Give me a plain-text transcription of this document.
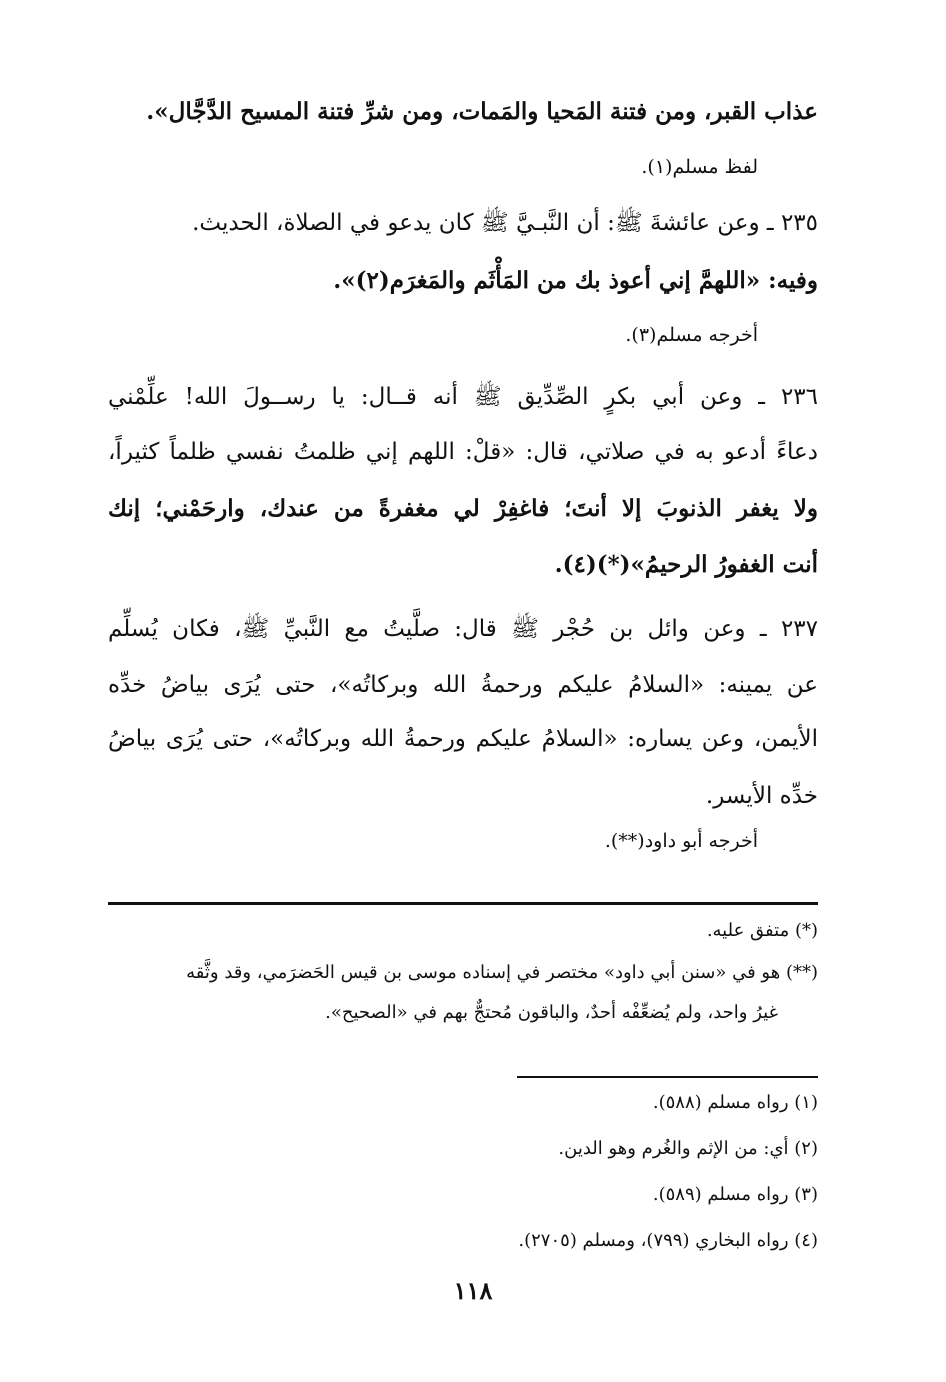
عذاب القبر، ومن فتنة المَحيا والمَمات، ومن شرِّ فتنة المسيح الدَّجَّال».
لفظ مسلم(١).
٢٣٥ ـ وعن عائشةَ ﷺ: أن النَّبـيَّ ﷺ كان يدعو في الصلاة، الحديث.
وفيه: «اللهمَّ إني أعوذ بك من المَأْثَم والمَغرَم(٢)».
أخرجه مسلم(٣).
٢٣٦ ـ وعن أبي بكرٍ الصِّدِّيق ﷺ أنه قــال: يا رســولَ الله! علِّمْني
دعاءً أدعو به في صلاتي، قال: «قلْ: اللهم إني ظلمتُ نفسي ظلماً كثيراً،
ولا يغفر الذنوبَ إلا أنتَ؛ فاغفِرْ لي مغفرةً من عندك، وارحَمْني؛ إنك
أنت الغفورُ الرحيمُ»(*)(٤).
٢٣٧ ـ وعن وائل بن حُجْر ﷺ قال: صلَّيتُ مع النَّبيِّ ﷺ، فكان يُسلِّم
عن يمينه: «السلامُ عليكم ورحمةُ الله وبركاتُه»، حتى يُرَى بياضُ خدِّه
الأيمن، وعن يساره: «السلامُ عليكم ورحمةُ الله وبركاتُه»، حتى يُرَى بياضُ
خدِّه الأيسر.
أخرجه أبو داود(**).
(*) متفق عليه.
(**) هو في «سنن أبي داود» مختصر في إسناده موسى بن قيس الحَضرَمي، وقد وثَّقه
غيرُ واحد، ولم يُضعِّفْه أحدٌ، والباقون مُحتجٌّ بهم في «الصحيح».
(١) رواه مسلم (٥٨٨).
(٢) أي: من الإثم والغُرم وهو الدين.
(٣) رواه مسلم (٥٨٩).
(٤) رواه البخاري (٧٩٩)، ومسلم (٢٧٠٥).
١١٨
